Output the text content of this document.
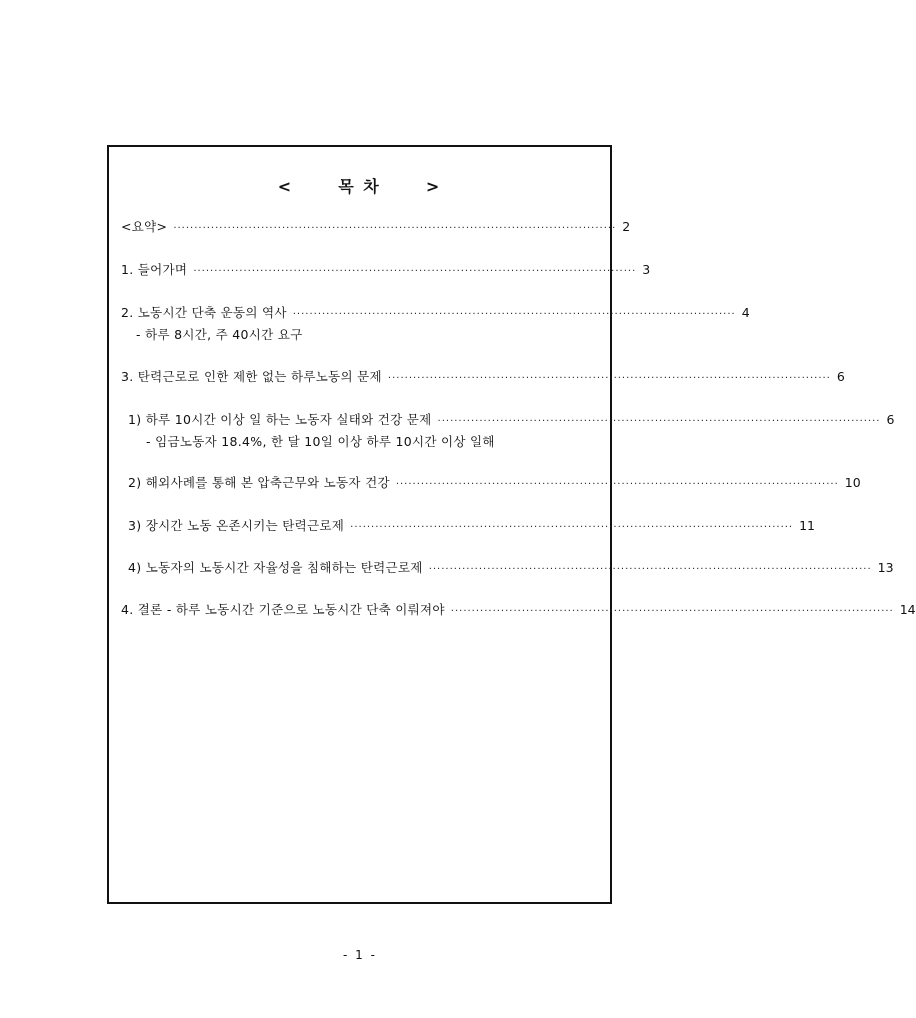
<	목 차	>
<요약> ·········································································································· 2
1. 들어가며 ·········································································································· 3
2. 노동시간 단축 운동의 역사 ·········································································································· 4
- 하루 8시간, 주 40시간 요구
3. 탄력근로로 인한 제한 없는 하루노동의 문제 ·········································································································· 6
1) 하루 10시간 이상 일 하는 노동자 실태와 건강 문제 ·········································································································· 6
- 임금노동자 18.4%, 한 달 10일 이상 하루 10시간 이상 일해
2) 해외사례를 통해 본 압축근무와 노동자 건강 ·········································································································· 10
3) 장시간 노동 온존시키는 탄력근로제 ·········································································································· 11
4) 노동자의 노동시간 자율성을 침해하는 탄력근로제 ·········································································································· 13
4. 결론 - 하루 노동시간 기준으로 노동시간 단축 이뤄져야 ·········································································································· 14
- 1 -
